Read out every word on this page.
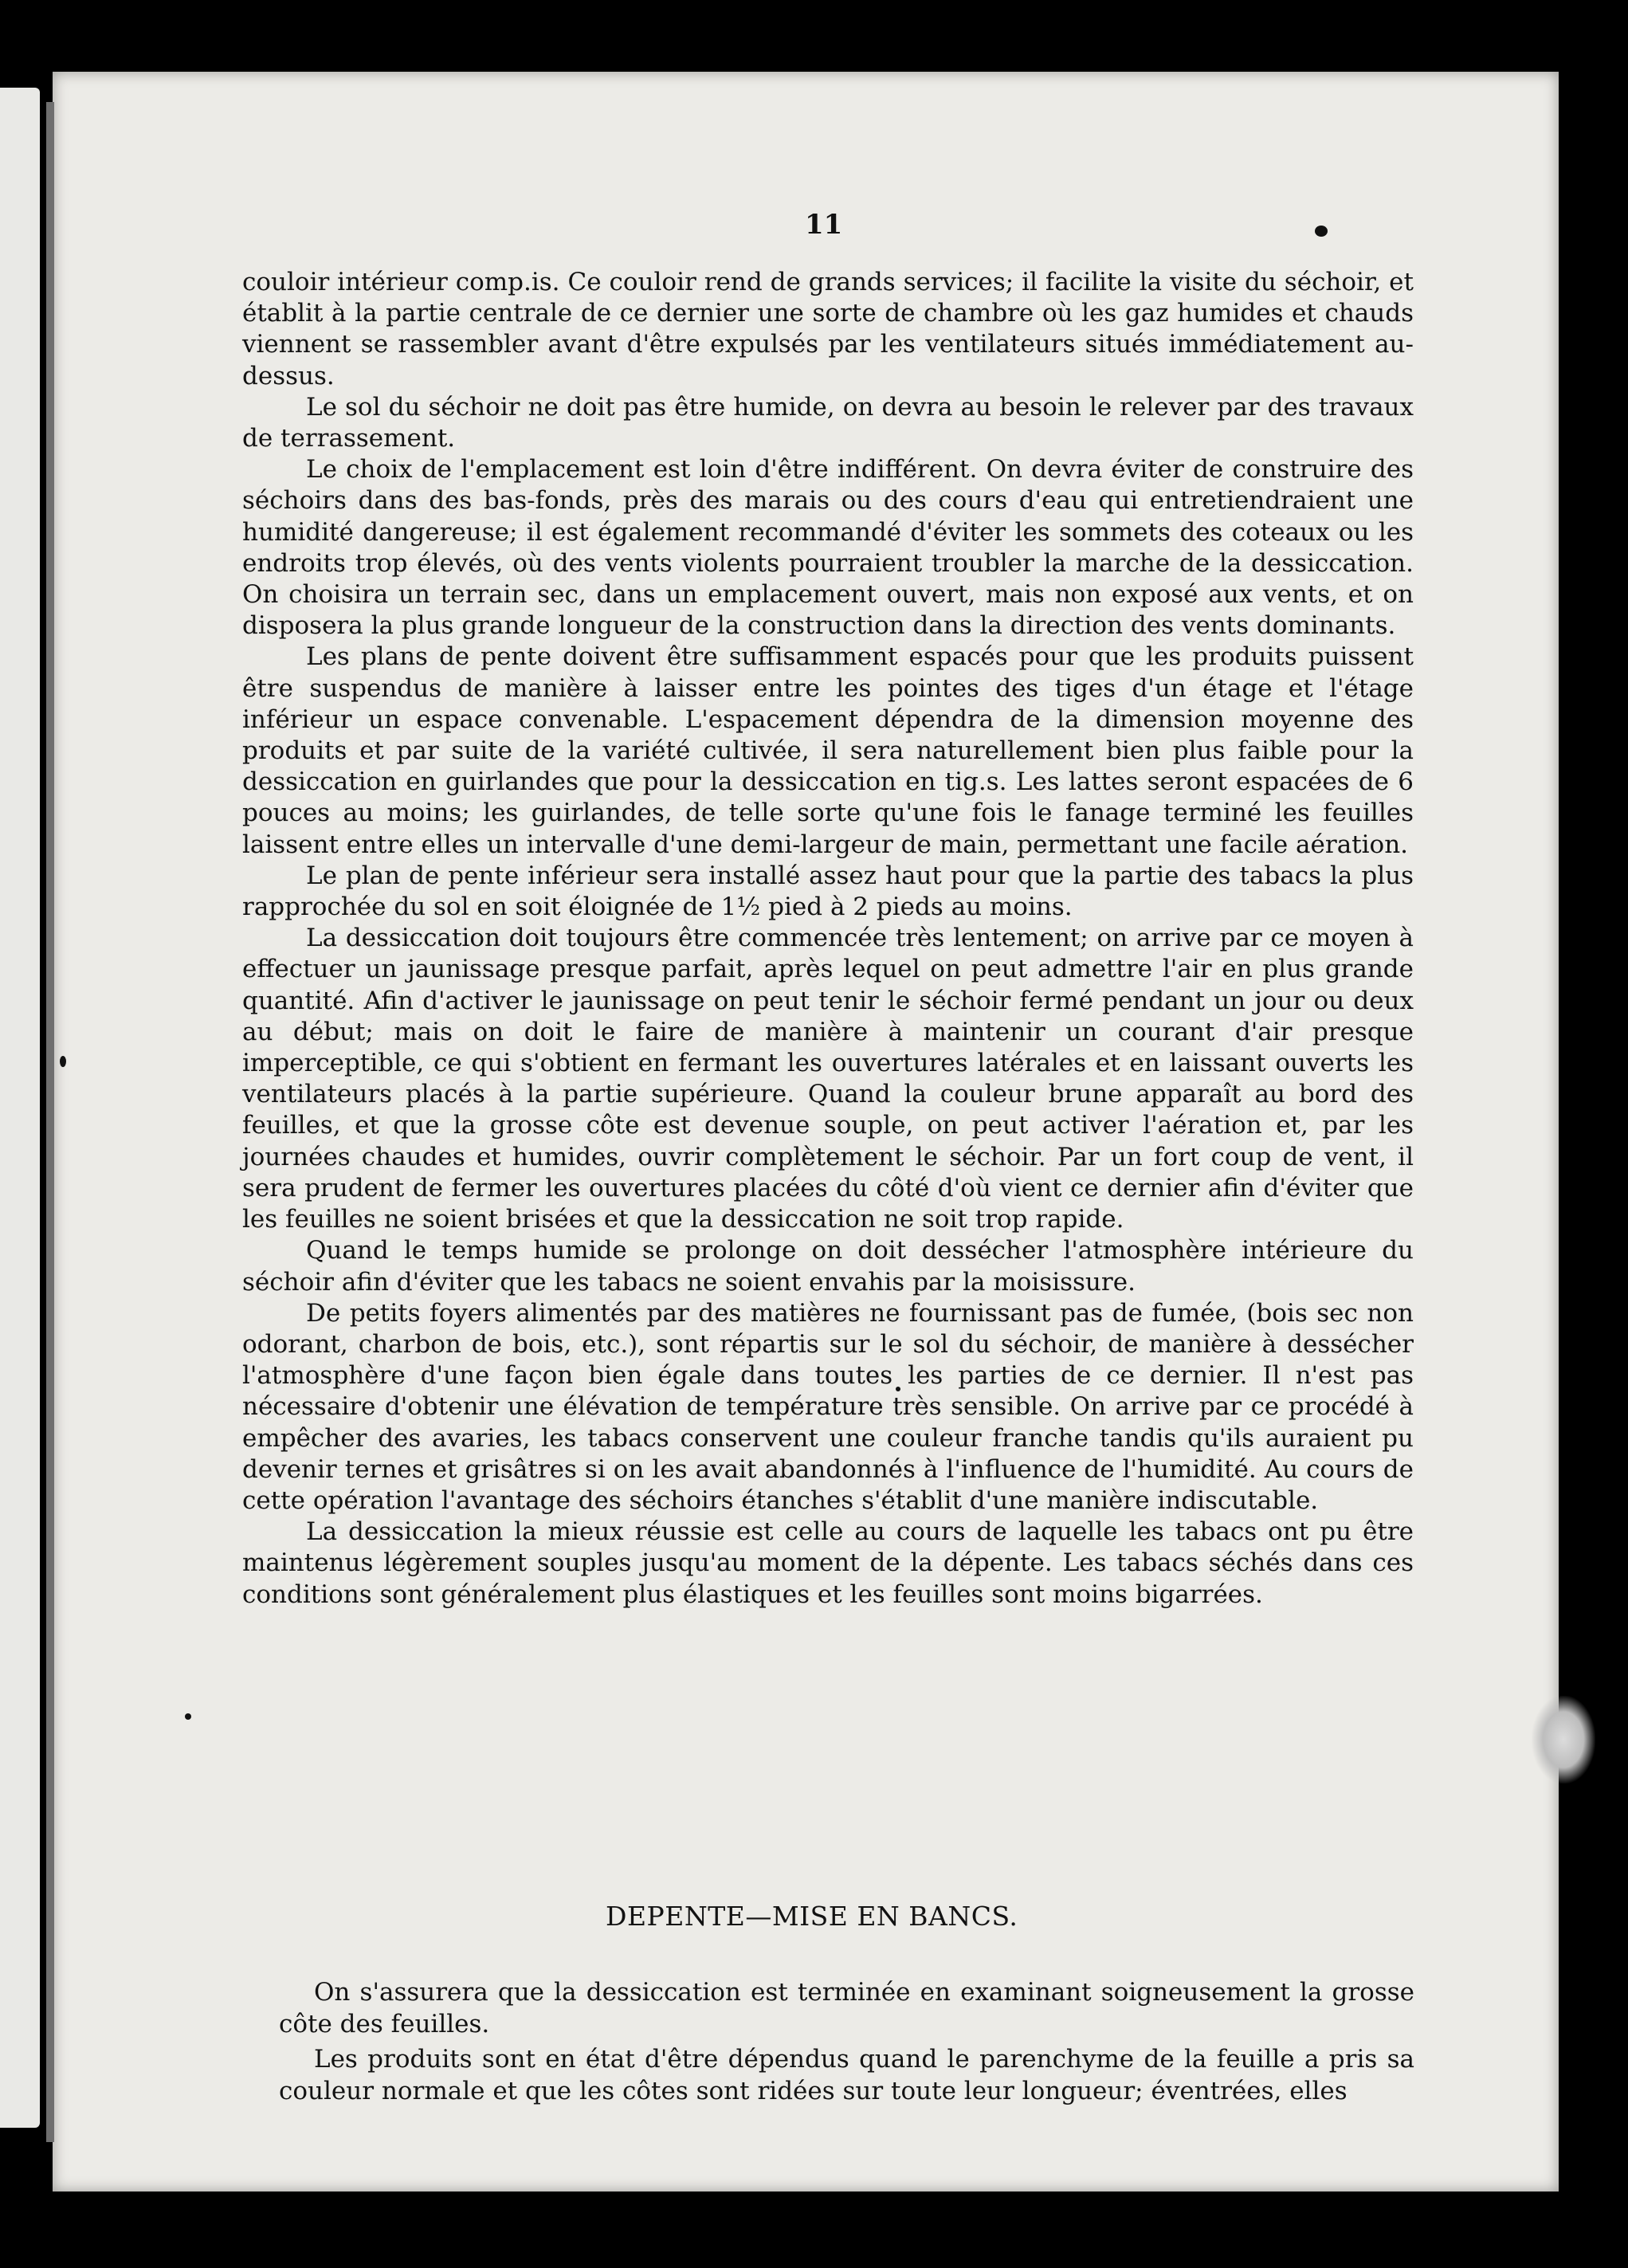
11

couloir intérieur comp.is. Ce couloir rend de grands services; il facilite la visite du séchoir, et établit à la partie centrale de ce dernier une sorte de chambre où les gaz humides et chauds viennent se rassembler avant d'être expulsés par les ventilateurs situés immédiatement au-dessus.

Le sol du séchoir ne doit pas être humide, on devra au besoin le relever par des travaux de terrassement.

Le choix de l'emplacement est loin d'être indifférent. On devra éviter de construire des séchoirs dans des bas-fonds, près des marais ou des cours d'eau qui entretiendraient une humidité dangereuse; il est également recommandé d'éviter les sommets des coteaux ou les endroits trop élevés, où des vents violents pourraient troubler la marche de la dessiccation. On choisira un terrain sec, dans un emplacement ouvert, mais non exposé aux vents, et on disposera la plus grande longueur de la construction dans la direction des vents dominants.

Les plans de pente doivent être suffisamment espacés pour que les produits puissent être suspendus de manière à laisser entre les pointes des tiges d'un étage et l'étage inférieur un espace convenable. L'espacement dépendra de la dimension moyenne des produits et par suite de la variété cultivée, il sera naturellement bien plus faible pour la dessiccation en guirlandes que pour la dessiccation en tig.s. Les lattes seront espacées de 6 pouces au moins; les guirlandes, de telle sorte qu'une fois le fanage terminé les feuilles laissent entre elles un intervalle d'une demi-largeur de main, permettant une facile aération.

Le plan de pente inférieur sera installé assez haut pour que la partie des tabacs la plus rapprochée du sol en soit éloignée de 1½ pied à 2 pieds au moins.

La dessiccation doit toujours être commencée très lentement; on arrive par ce moyen à effectuer un jaunissage presque parfait, après lequel on peut admettre l'air en plus grande quantité. Afin d'activer le jaunissage on peut tenir le séchoir fermé pendant un jour ou deux au début; mais on doit le faire de manière à maintenir un courant d'air presque imperceptible, ce qui s'obtient en fermant les ouvertures latérales et en laissant ouverts les ventilateurs placés à la partie supérieure. Quand la couleur brune apparaît au bord des feuilles, et que la grosse côte est devenue souple, on peut activer l'aération et, par les journées chaudes et humides, ouvrir complètement le séchoir. Par un fort coup de vent, il sera prudent de fermer les ouvertures placées du côté d'où vient ce dernier afin d'éviter que les feuilles ne soient brisées et que la dessiccation ne soit trop rapide.

Quand le temps humide se prolonge on doit dessécher l'atmosphère intérieure du séchoir afin d'éviter que les tabacs ne soient envahis par la moisissure.

De petits foyers alimentés par des matières ne fournissant pas de fumée, (bois sec non odorant, charbon de bois, etc.), sont répartis sur le sol du séchoir, de manière à dessécher l'atmosphère d'une façon bien égale dans toutes les parties de ce dernier. Il n'est pas nécessaire d'obtenir une élévation de température très sensible. On arrive par ce procédé à empêcher des avaries, les tabacs conservent une couleur franche tandis qu'ils auraient pu devenir ternes et grisâtres si on les avait abandonnés à l'influence de l'humidité. Au cours de cette opération l'avantage des séchoirs étanches s'établit d'une manière indiscutable.

La dessiccation la mieux réussie est celle au cours de laquelle les tabacs ont pu être maintenus légèrement souples jusqu'au moment de la dépente. Les tabacs séchés dans ces conditions sont généralement plus élastiques et les feuilles sont moins bigarrées.

DEPENTE—MISE EN BANCS.

On s'assurera que la dessiccation est terminée en examinant soigneusement la grosse côte des feuilles.

Les produits sont en état d'être dépendus quand le parenchyme de la feuille a pris sa couleur normale et que les côtes sont ridées sur toute leur longueur; éventrées, elles
